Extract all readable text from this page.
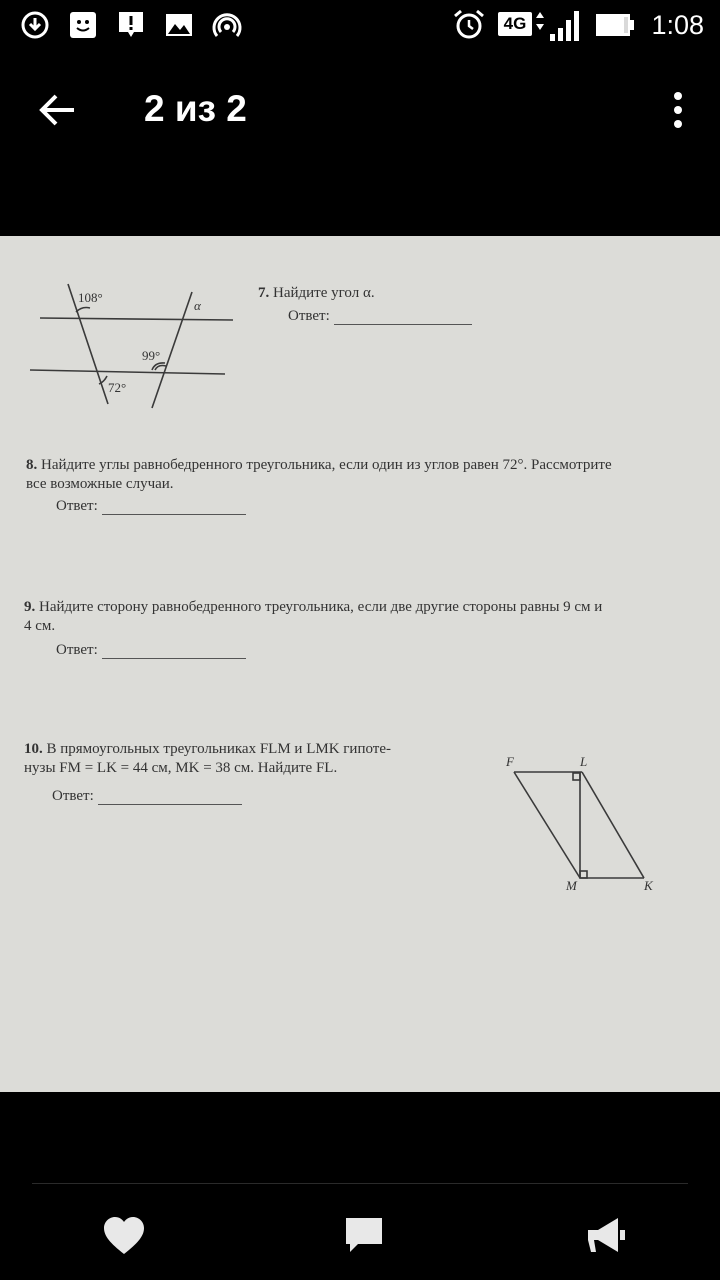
4G	1:08
2 из 2
108°
α
99°
72°
7. Найдите угол α.
Ответ:
8. Найдите углы равнобедренного треугольника, если один из углов равен 72°. Рассмотрите
все возможные случаи.
Ответ:
9. Найдите сторону равнобедренного треугольника, если две другие стороны равны 9 см и
4 см.
Ответ:
10. В прямоугольных треугольниках FLM и LMK гипоте-
нузы FM = LK = 44 см, MK = 38 см. Найдите FL.
Ответ:
F	L
M	K
